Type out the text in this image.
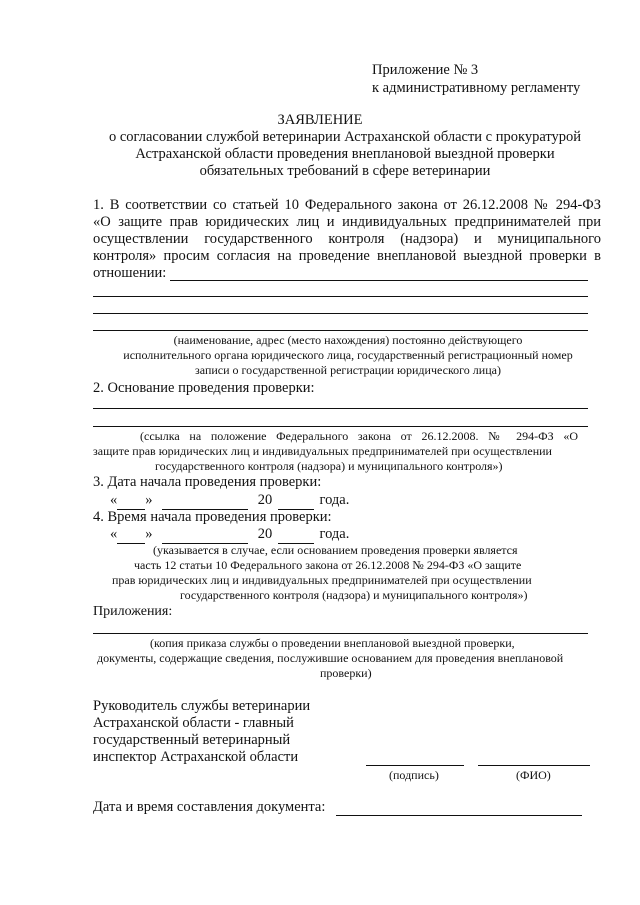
Приложение № 3
к административному регламенту
ЗАЯВЛЕНИЕ
о согласовании службой ветеринарии Астраханской области с прокуратурой
Астраханской области проведения внеплановой выездной проверки
обязательных требований в сфере ветеринарии
1. В соответствии со статьей 10 Федерального закона от 26.12.2008 № 294-ФЗ
«О защите прав юридических лиц и индивидуальных предпринимателей при
осуществлении государственного контроля (надзора) и муниципального
контроля» просим согласия на проведение внеплановой выездной проверки в
отношении:
(наименование, адрес (место нахождения) постоянно действующего
исполнительного органа юридического лица, государственный регистрационный номер
записи о государственной регистрации юридического лица)
2. Основание проведения проверки:
(ссылка на положение Федерального закона от 26.12.2008. № 294-ФЗ «О
защите прав юридических лиц и индивидуальных предпринимателей при осуществлении
государственного контроля (надзора) и муниципального контроля»)
3. Дата начала проведения проверки:
« »	20	года.
4. Время начала проведения проверки:
« »	20	года.
(указывается в случае, если основанием проведения проверки является
часть 12 статьи 10 Федерального закона от 26.12.2008 № 294-ФЗ «О защите
прав юридических лиц и индивидуальных предпринимателей при осуществлении
государственного контроля (надзора) и муниципального контроля»)
Приложения:
(копия приказа службы о проведении внеплановой выездной проверки,
документы, содержащие сведения, послужившие основанием для проведения внеплановой
проверки)
Руководитель службы ветеринарии
Астраханской области - главный
государственный ветеринарный
инспектор Астраханской области
(подпись)	(ФИО)
Дата и время составления документа:
